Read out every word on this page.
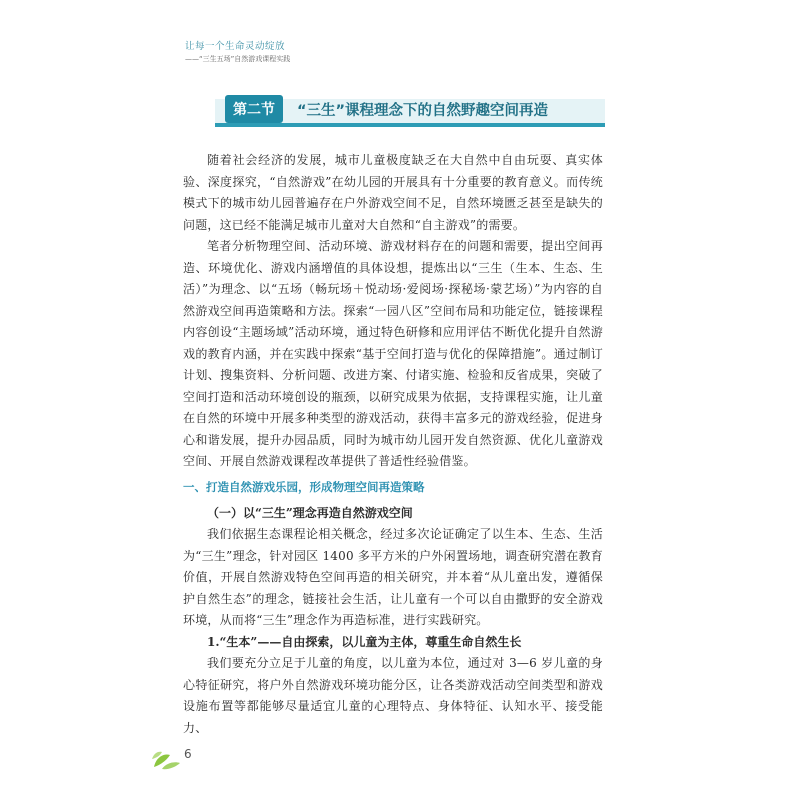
让每一个生命灵动绽放
——“三生五场”自然游戏课程实践
第二节	“三生”课程理念下的自然野趣空间再造

随着社会经济的发展，城市儿童极度缺乏在大自然中自由玩耍、真实体验、深度探究，“自然游戏”在幼儿园的开展具有十分重要的教育意义。而传统模式下的城市幼儿园普遍存在户外游戏空间不足，自然环境匮乏甚至是缺失的问题，这已经不能满足城市儿童对大自然和“自主游戏”的需要。

笔者分析物理空间、活动环境、游戏材料存在的问题和需要，提出空间再造、环境优化、游戏内涵增值的具体设想，提炼出以“三生（生本、生态、生活）”为理念、以“五场（畅玩场＋悦动场·爱阅场·探秘场·蒙艺场）”为内容的自然游戏空间再造策略和方法。探索“一园八区”空间布局和功能定位，链接课程内容创设“主题场域”活动环境，通过特色研修和应用评估不断优化提升自然游戏的教育内涵，并在实践中探索“基于空间打造与优化的保障措施”。通过制订计划、搜集资料、分析问题、改进方案、付诸实施、检验和反省成果，突破了空间打造和活动环境创设的瓶颈，以研究成果为依据，支持课程实施，让儿童在自然的环境中开展多种类型的游戏活动，获得丰富多元的游戏经验，促进身心和谐发展，提升办园品质，同时为城市幼儿园开发自然资源、优化儿童游戏空间、开展自然游戏课程改革提供了普适性经验借鉴。

一、打造自然游戏乐园，形成物理空间再造策略

（一）以“三生”理念再造自然游戏空间

我们依据生态课程论相关概念，经过多次论证确定了以生本、生态、生活为“三生”理念，针对园区 1400 多平方米的户外闲置场地，调查研究潜在教育价值，开展自然游戏特色空间再造的相关研究，并本着“从儿童出发，遵循保护自然生态”的理念，链接社会生活，让儿童有一个可以自由撒野的安全游戏环境，从而将“三生”理念作为再造标准，进行实践研究。

1.“生本”——自由探索，以儿童为主体，尊重生命自然生长

我们要充分立足于儿童的角度，以儿童为本位，通过对 3—6 岁儿童的身心特征研究，将户外自然游戏环境功能分区，让各类游戏活动空间类型和游戏设施布置等都能够尽量适宜儿童的心理特点、身体特征、认知水平、接受能力、

6
